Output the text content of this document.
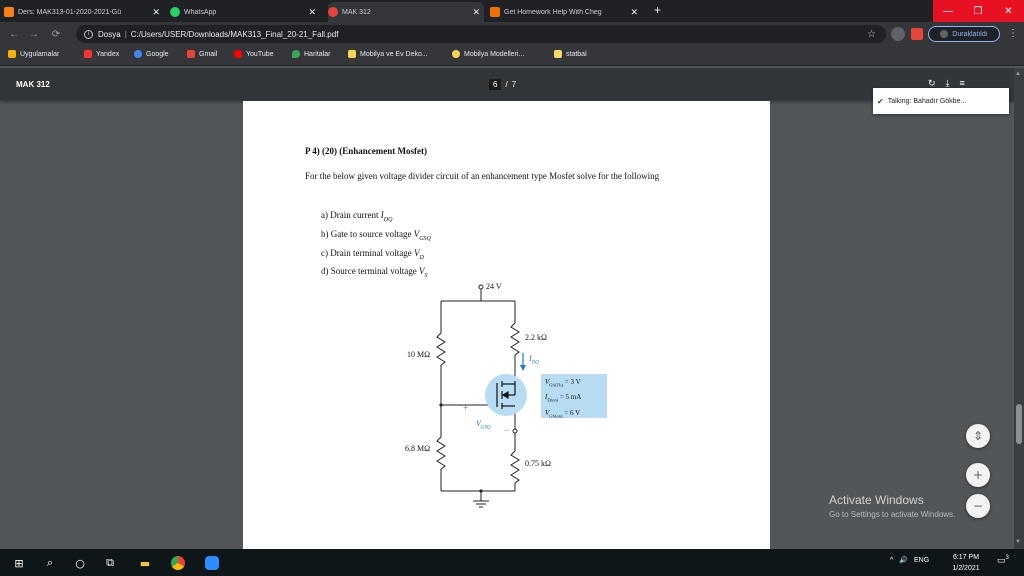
Ders: MAK313-01-2020-2021-Gü	✕	WhatsApp	✕	MAK 312	✕	Get Homework Help With Cheg	✕ +	—	❐	✕
←	→	⟳	i	Dosya | C:/Users/USER/Downloads/MAK313_Final_20-21_Fall.pdf	☆	Duraklatıldı ⋮
Uygulamalar	Yandex	Google	Gmail	YouTube	Haritalar	Mobilya ve Ev Deko...	Mobilya Modelleri...	statbal
MAK 312	6	/ 7	↻ ⤓ ≡
▲
▼
P 4) (20) (Enhancement Mosfet)
For the below given voltage divider circuit of an enhancement type Mosfet solve for the following
a) Drain current $I_{DQ}$
b) Gate to source voltage $V_{GSQ}$
c) Drain terminal voltage $V_D$
d) Source terminal voltage $V_S$
24 V
2.2 kΩ
10 MΩ
6.8 MΩ
0.75 kΩ
$I_{DQ}$
+
$V_{GSQ}$ −
$V_{GS(Th)} = 3$ V
$I_{D(on)} = 5$ mA
$V_{GS(on)} = 6$ V
✔ Talking: Bahadır Gökbe...
⇕
+
−
Activate Windows
Go to Settings to activate Windows.
⊞	⌕	○	⧉	▬	^ 🔊 ENG	6:17 PM
1/2/2021
▭$^3$
